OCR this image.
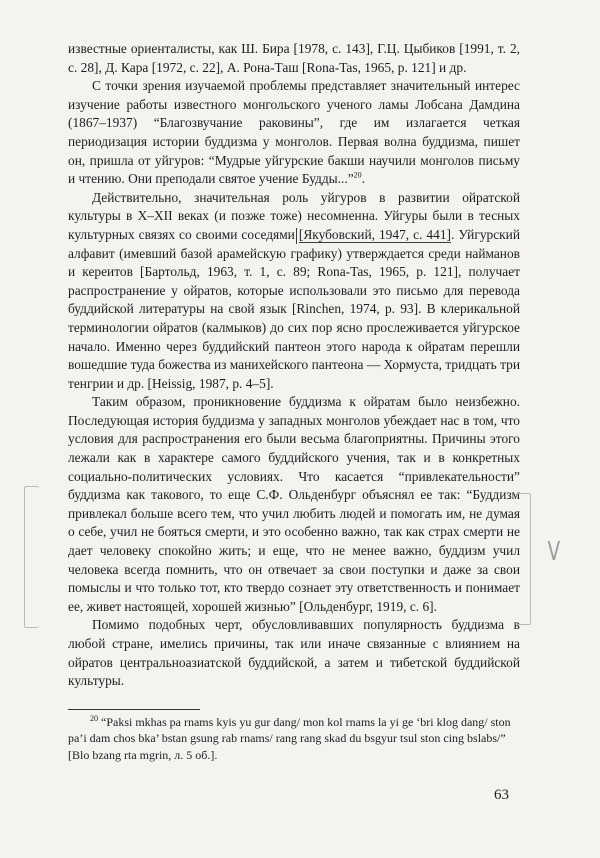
известные ориенталисты, как Ш. Бира [1978, с. 143], Г.Ц. Цыбиков [1991, т. 2, с. 28], Д. Кара [1972, с. 22], А. Рона-Таш [Rona-Tas, 1965, p. 121] и др.

С точки зрения изучаемой проблемы представляет значительный интерес изучение работы известного монгольского ученого ламы Лобсана Дамдина (1867–1937) “Благозвучание раковины”, где им излагается четкая периодизация истории буддизма у монголов. Первая волна буддизма, пишет он, пришла от уйгуров: “Мудрые уйгурские бакши научили монголов письму и чтению. Они преподали святое учение Будды...”$^{20}$.

Действительно, значительная роль уйгуров в развитии ойратской культуры в X–XII веках (и позже тоже) несомненна. Уйгуры были в тесных культурных связях со своими соседями [Якубовский, 1947, с. 441]. Уйгурский алфавит (имевший базой арамейскую графику) утверждается среди найманов и кереитов [Бартольд, 1963, т. 1, с. 89; Rona-Tas, 1965, p. 121], получает распространение у ойратов, которые использовали это письмо для перевода буддийской литературы на свой язык [Rinchen, 1974, p. 93]. В клерикальной терминологии ойратов (калмыков) до сих пор ясно прослеживается уйгурское начало. Именно через буддийский пантеон этого народа к ойратам перешли вошедшие туда божества из манихейского пантеона — Хормуста, тридцать три тенгрии и др. [Heissig, 1987, p. 4–5].

Таким образом, проникновение буддизма к ойратам было неизбежно. Последующая история буддизма у западных монголов убеждает нас в том, что условия для распространения его были весьма благоприятны. Причины этого лежали как в характере самого буддийского учения, так и в конкретных социально-политических условиях. Что касается “привлекательности” буддизма как такового, то еще С.Ф. Ольденбург объяснял ее так: “Буддизм привлекал больше всего тем, что учил любить людей и помогать им, не думая о себе, учил не бояться смерти, и это особенно важно, так как страх смерти не дает человеку спокойно жить; и еще, что не менее важно, буддизм учил человека всегда помнить, что он отвечает за свои поступки и даже за свои помыслы и что только тот, кто твердо сознает эту ответственность и понимает ее, живет настоящей, хорошей жизнью” [Ольденбург, 1919, с. 6].

Помимо подобных черт, обусловливавших популярность буддизма в любой стране, имелись причины, так или иначе связанные с влиянием на ойратов центральноазиатской буддийской, а затем и тибетской буддийской культуры.

$^{20}$ “Paksi mkhas pa rnams kyis yu gur dang/ mon kol rnams la yi ge ‘bri klog dang/ ston pa’i dam chos bka’ bstan gsung rab rnams/ rang rang skad du bsgyur tsul ston cing bslabs/” [Blo bzang rta mgrin, л. 5 об.].
63
V
